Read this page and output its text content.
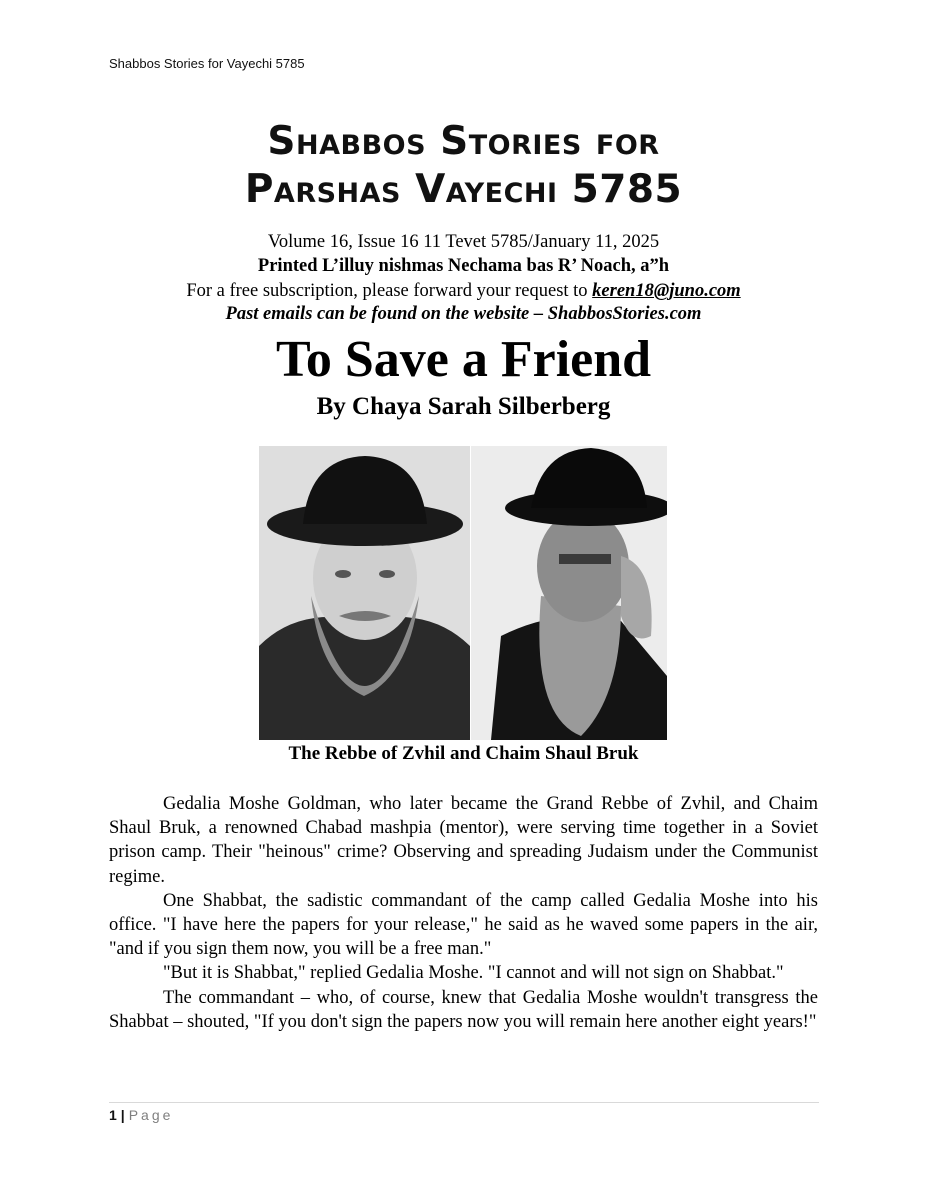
Shabbos Stories for Vayechi 5785
Shabbos Stories for
Parshas Vayechi 5785
Volume 16, Issue 16 11 Tevet 5785/January 11, 2025
Printed L’illuy nishmas Nechama bas R’ Noach, a”h
For a free subscription, please forward your request to keren18@juno.com
Past emails can be found on the website – ShabbosStories.com
To Save a Friend
By Chaya Sarah Silberberg
The Rebbe of Zvhil and Chaim Shaul Bruk

Gedalia Moshe Goldman, who later became the Grand Rebbe of Zvhil, and Chaim Shaul Bruk, a renowned Chabad mashpia (mentor), were serving time together in a Soviet prison camp. Their "heinous" crime? Observing and spreading Judaism under the Communist regime.

One Shabbat, the sadistic commandant of the camp called Gedalia Moshe into his office. "I have here the papers for your release," he said as he waved some papers in the air, "and if you sign them now, you will be a free man."

"But it is Shabbat," replied Gedalia Moshe. "I cannot and will not sign on Shabbat."

The commandant – who, of course, knew that Gedalia Moshe wouldn't transgress the Shabbat – shouted, "If you don't sign the papers now you will remain here another eight years!"

1 | Page
